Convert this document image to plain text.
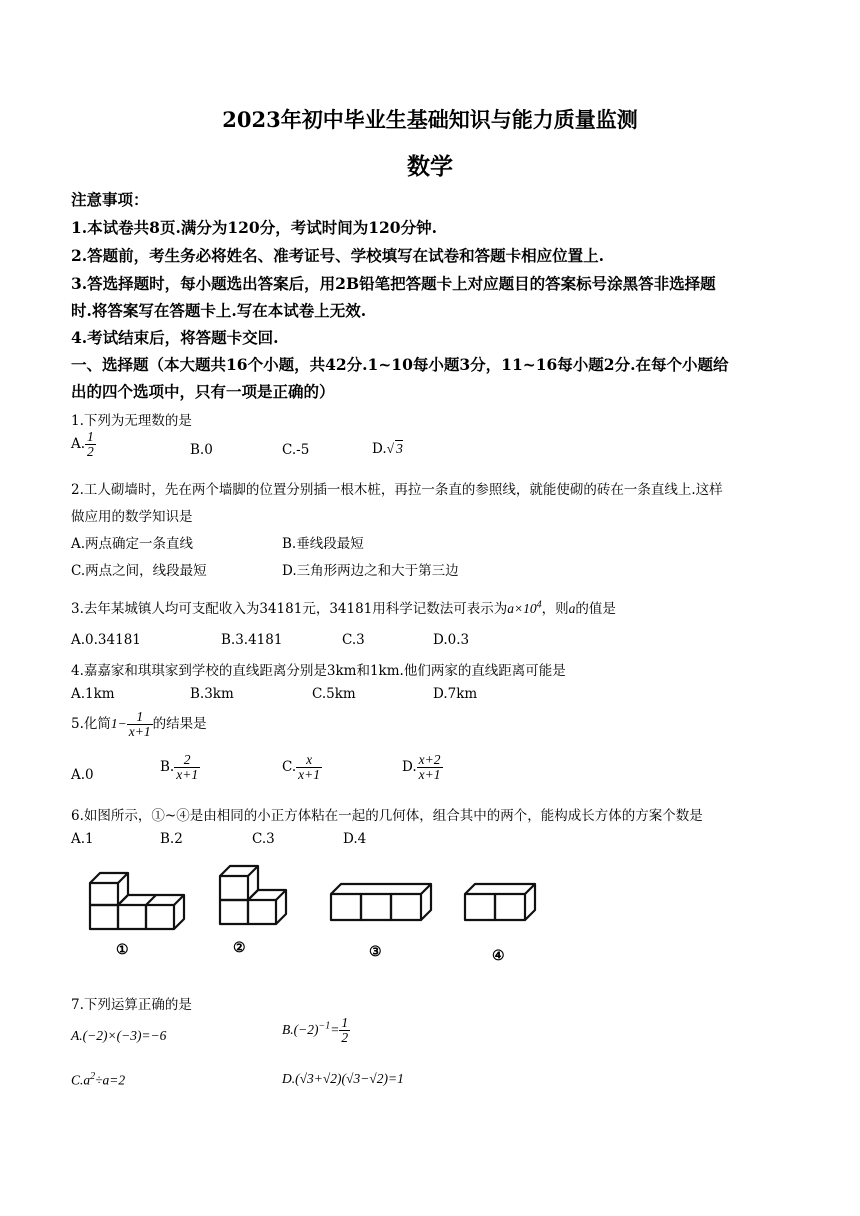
2023年初中毕业生基础知识与能力质量监测
数学
注意事项：
1.本试卷共8页.满分为120分，考试时间为120分钟.
2.答题前，考生务必将姓名、准考证号、学校填写在试卷和答题卡相应位置上.
3.答选择题时，每小题选出答案后，用2B铅笔把答题卡上对应题目的答案标号涂黑答非选择题
时.将答案写在答题卡上.写在本试卷上无效.
4.考试结束后，将答题卡交回.
一、选择题（本大题共16个小题，共42分.1~10每小题3分，11~16每小题2分.在每个小题给
出的四个选项中，只有一项是正确的）
1.下列为无理数的是
A. $\frac{1}{2}$	B.0	C.-5	D.√ 3
2.工人砌墙时，先在两个墙脚的位置分别插一根木桩，再拉一条直的参照线，就能使砌的砖在一条直线上.这样
做应用的数学知识是
A.两点确定一条直线	B.垂线段最短
C.两点之间，线段最短	D.三角形两边之和大于第三边
3.去年某城镇人均可支配收入为34181元，34181用科学记数法可表示为$a\times 10^4$，则a的值是
A.0.34181	B.3.4181	C.3	D.0.3
4.嘉嘉家和琪琪家到学校的直线距离分别是3km和1km.他们两家的直线距离可能是
A.1km	B.3km	C.5km	D.7km
5.化简$1- \frac{1}{x+1}$ 的结果是
A.0	B. $\frac{2}{x+1}$	C. $\frac{x}{x+1}$	D. $\frac{x+2}{x+1}$
6.如图所示，①~④是由相同的小正方体粘在一起的几何体，组合其中的两个，能构成长方体的方案个数是
A.1	B.2	C.3	D.4
①	②	③	④
7.下列运算正确的是
A.(−2)×(−3)=−6	$B.(-2)^{-1}= \frac{1}{2}$
$C.a^2\div a=2$	D.(√3+√2)(√3−√2)=1
